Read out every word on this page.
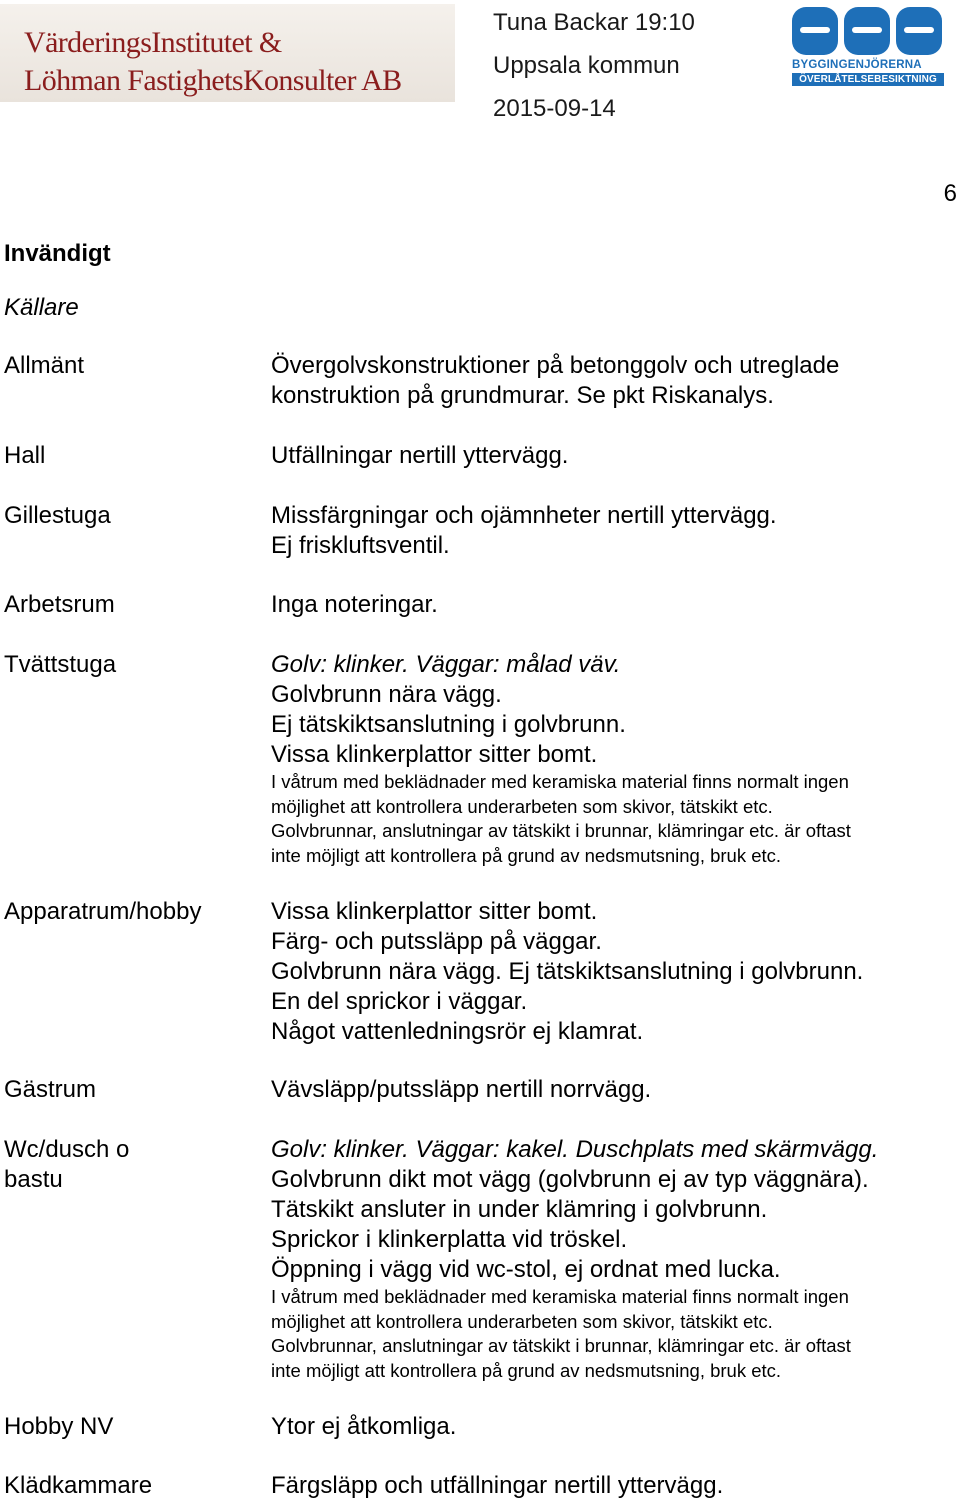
VärderingsInstitutet &
Löhman FastighetsKonsulter AB
Tuna Backar 19:10
Uppsala kommun
2015-09-14
BYGGINGENJÖRERNA
ÖVERLÅTELSEBESIKTNING
6
Invändigt
Källare
Allmänt	Övergolvskonstruktioner på betonggolv och utreglade
konstruktion på grundmurar. Se pkt Riskanalys.
Hall	Utfällningar nertill yttervägg.
Gillestuga	Missfärgningar och ojämnheter nertill yttervägg.
Ej friskluftsventil.
Arbetsrum	Inga noteringar.
Tvättstuga	Golv: klinker. Väggar: målad väv.
Golvbrunn nära vägg.
Ej tätskiktsanslutning i golvbrunn.
Vissa klinkerplattor sitter bomt.
I våtrum med beklädnader med keramiska material finns normalt ingen
möjlighet att kontrollera underarbeten som skivor, tätskikt etc.
Golvbrunnar, anslutningar av tätskikt i brunnar, klämringar etc. är oftast
inte möjligt att kontrollera på grund av nedsmutsning, bruk etc.
Apparatrum/hobby	Vissa klinkerplattor sitter bomt.
Färg- och putssläpp på väggar.
Golvbrunn nära vägg. Ej tätskiktsanslutning i golvbrunn.
En del sprickor i väggar.
Något vattenledningsrör ej klamrat.
Gästrum	Vävsläpp/putssläpp nertill norrvägg.
Wc/dusch o
bastu
Golv: klinker. Väggar: kakel. Duschplats med skärmvägg.
Golvbrunn dikt mot vägg (golvbrunn ej av typ väggnära).
Tätskikt ansluter in under klämring i golvbrunn.
Sprickor i klinkerplatta vid tröskel.
Öppning i vägg vid wc-stol, ej ordnat med lucka.
I våtrum med beklädnader med keramiska material finns normalt ingen
möjlighet att kontrollera underarbeten som skivor, tätskikt etc.
Golvbrunnar, anslutningar av tätskikt i brunnar, klämringar etc. är oftast
inte möjligt att kontrollera på grund av nedsmutsning, bruk etc.
Hobby NV	Ytor ej åtkomliga.
Klädkammare	Färgsläpp och utfällningar nertill yttervägg.
